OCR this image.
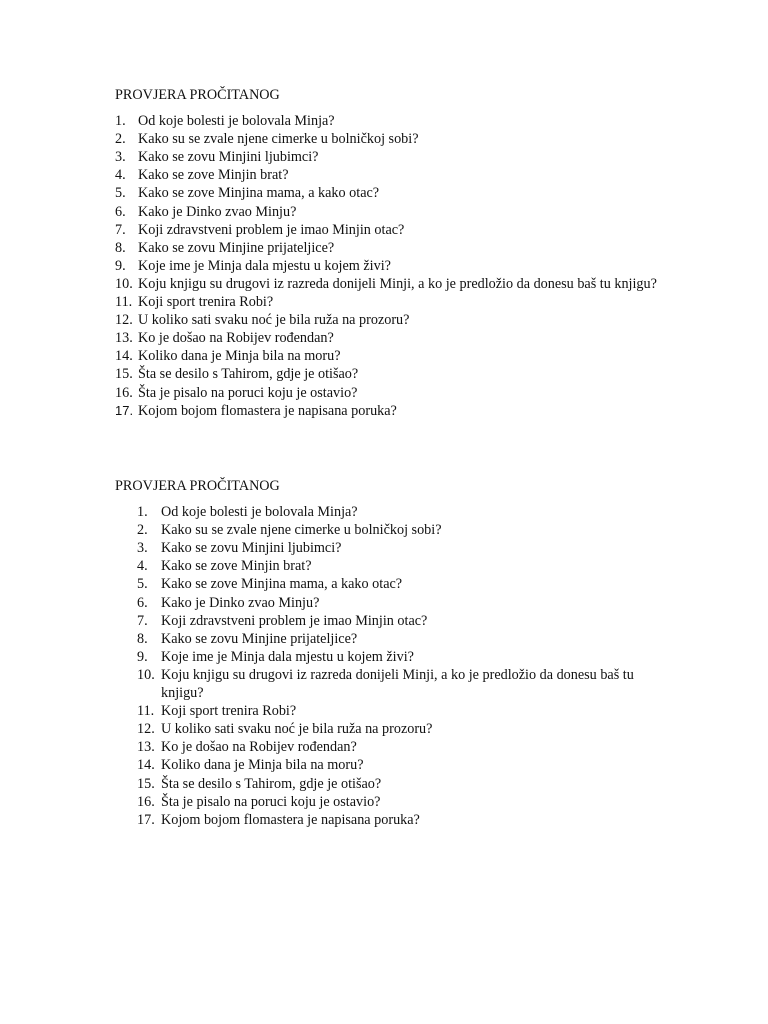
PROVJERA PROČITANOG
1. Od koje bolesti je bolovala Minja?
2. Kako su se zvale njene cimerke u bolničkoj sobi?
3. Kako se zovu Minjini ljubimci?
4. Kako se zove Minjin brat?
5. Kako se zove Minjina mama, a kako otac?
6. Kako je Dinko zvao Minju?
7. Koji zdravstveni problem je imao Minjin otac?
8. Kako se zovu Minjine prijateljice?
9. Koje ime je Minja dala mjestu u kojem živi?
10. Koju knjigu su drugovi iz razreda donijeli Minji, a ko je predložio da donesu baš tu knjigu?
11. Koji sport trenira Robi?
12. U koliko sati svaku noć je bila ruža na prozoru?
13. Ko je došao na Robijev rođendan?
14. Koliko dana je Minja bila na moru?
15. Šta se desilo s Tahirom, gdje je otišao?
16. Šta je pisalo na poruci koju je ostavio?
17. Kojom bojom flomastera je napisana poruka?
PROVJERA PROČITANOG
1. Od koje bolesti je bolovala Minja?
2. Kako su se zvale njene cimerke u bolničkoj sobi?
3. Kako se zovu Minjini ljubimci?
4. Kako se zove Minjin brat?
5. Kako se zove Minjina mama, a kako otac?
6. Kako je Dinko zvao Minju?
7. Koji zdravstveni problem je imao Minjin otac?
8. Kako se zovu Minjine prijateljice?
9. Koje ime je Minja dala mjestu u kojem živi?
10. Koju knjigu su drugovi iz razreda donijeli Minji, a ko je predložio da donesu baš tu knjigu?
11. Koji sport trenira Robi?
12. U koliko sati svaku noć je bila ruža na prozoru?
13. Ko je došao na Robijev rođendan?
14. Koliko dana je Minja bila na moru?
15. Šta se desilo s Tahirom, gdje je otišao?
16. Šta je pisalo na poruci koju je ostavio?
17. Kojom bojom flomastera je napisana poruka?
